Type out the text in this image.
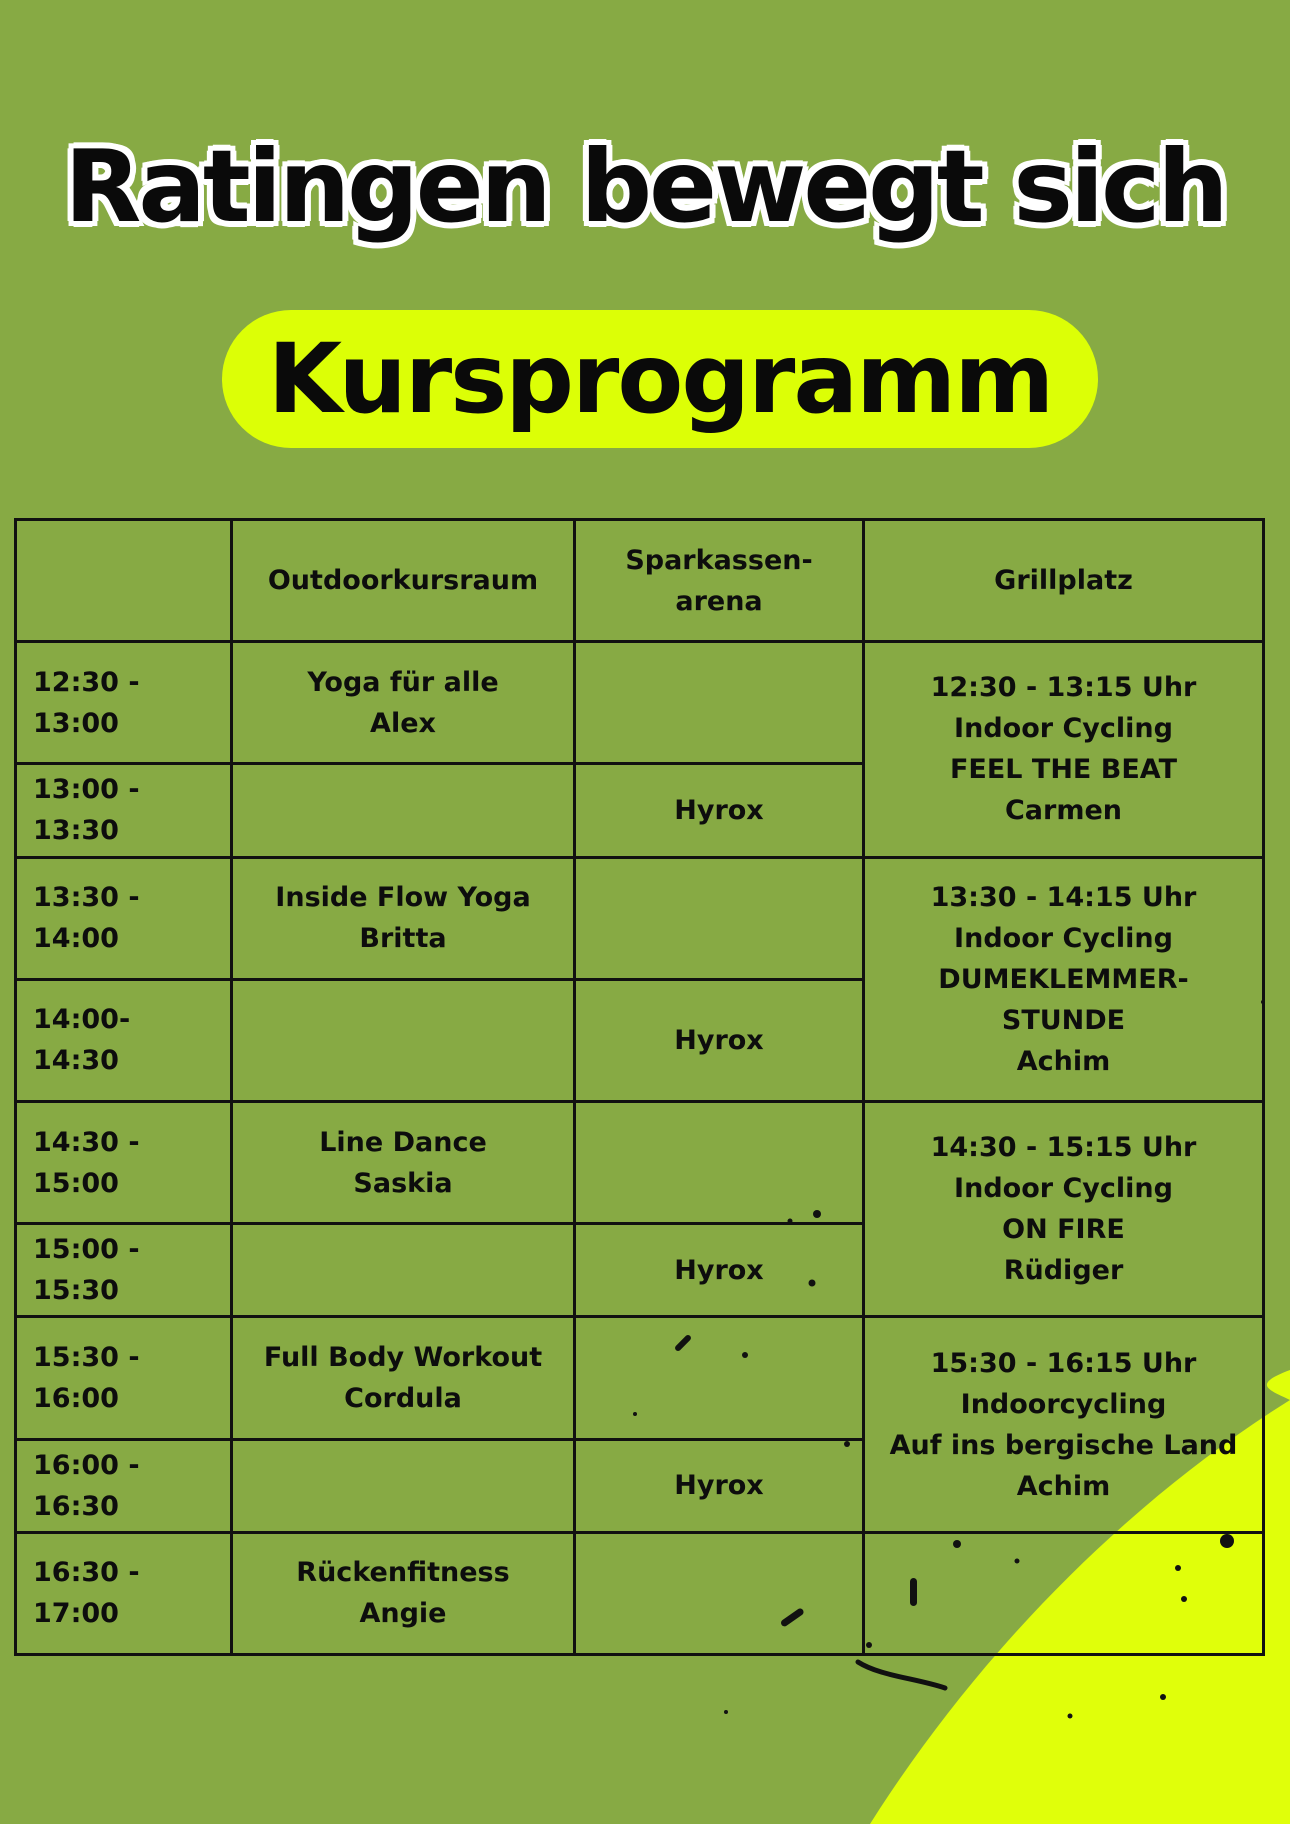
Ratingen bewegt sich
Kursprogramm
	Outdoorkursraum	Sparkassen-
arena	Grillplatz
12:30 - 13:00	Yoga für alle
Alex		12:30 - 13:15 Uhr
Indoor Cycling
FEEL THE BEAT
Carmen

13:00 - 13:30		Hyrox	
13:30 - 14:00	Inside Flow Yoga
Britta		13:30 - 14:15 Uhr
Indoor Cycling
DUMEKLEMMER-
STUNDE
Achim

14:00- 14:30		Hyrox	
14:30 - 15:00	Line Dance
Saskia		14:30 - 15:15 Uhr
Indoor Cycling
ON FIRE
Rüdiger

15:00 - 15:30		Hyrox	
15:30 - 16:00	Full Body Workout
Cordula		15:30 - 16:15 Uhr
Indoorcycling
Auf ins bergische Land
Achim

16:00 - 16:30		Hyrox	
16:30 - 17:00	Rückenfitness
Angie		
